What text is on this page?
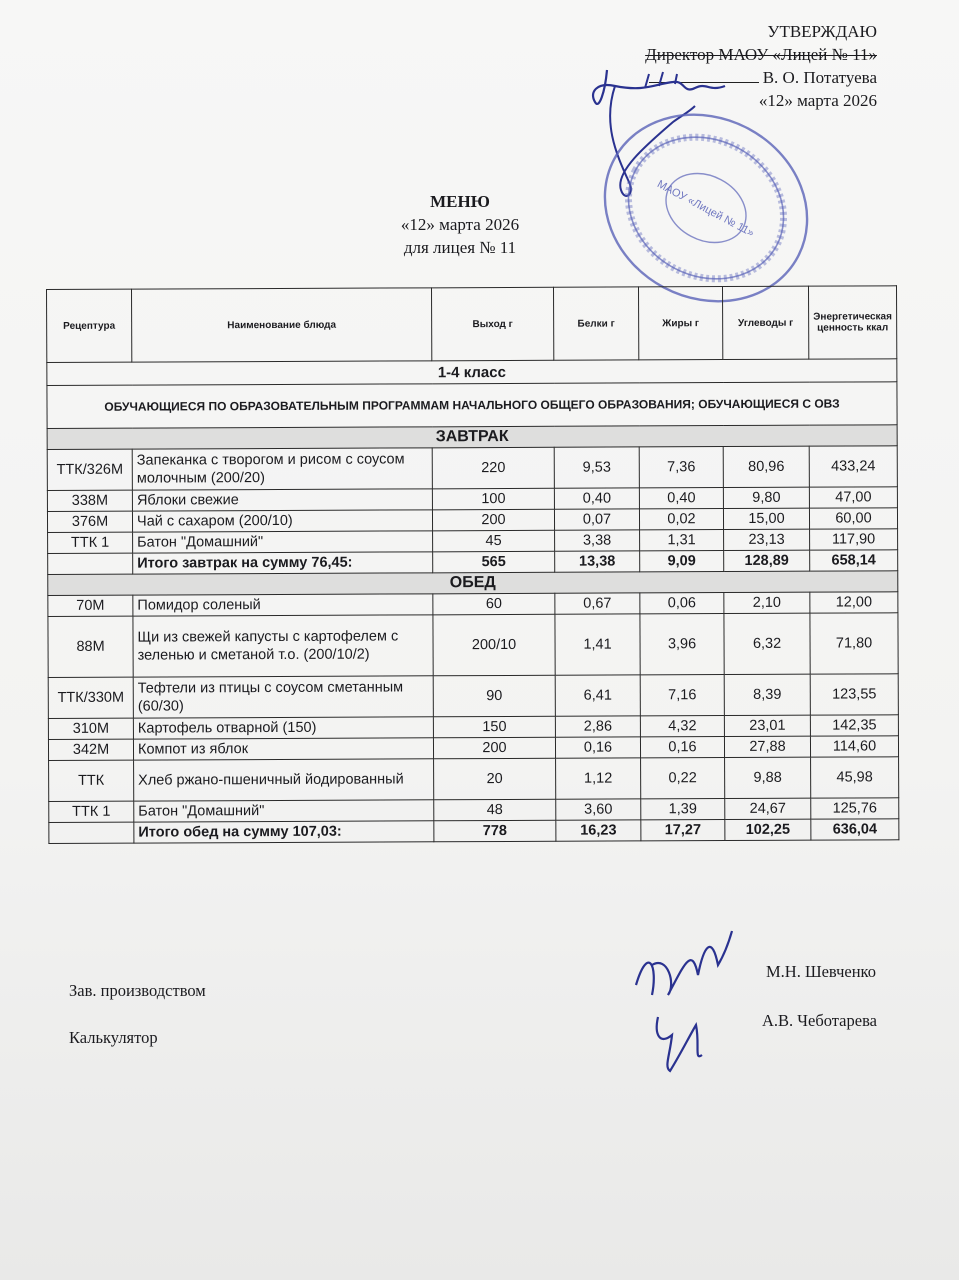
УТВЕРЖДАЮ
Директор МАОУ «Лицей № 11»
В. О. Потатуева
«12» марта 2026
МАОУ «Лицей № 11»
МЕНЮ
«12» марта 2026
для лицея № 11
Рецептура	Наименование блюда	Выход г	Белки г	Жиры г	Углеводы г	Энергетическая ценность ккал
1-4 класс						
ОБУЧАЮЩИЕСЯ ПО ОБРАЗОВАТЕЛЬНЫМ ПРОГРАММАМ НАЧАЛЬНОГО ОБЩЕГО ОБРАЗОВАНИЯ; ОБУЧАЮЩИЕСЯ С ОВЗ						
ЗАВТРАК						
ТТК/326М	Запеканка с творогом и рисом с соусом молочным (200/20)	220	9,53	7,36	80,96	433,24
338М	Яблоки свежие	100	0,40	0,40	9,80	47,00
376М	Чай с сахаром (200/10)	200	0,07	0,02	15,00	60,00
ТТК 1	Батон "Домашний"	45	3,38	1,31	23,13	117,90
	Итого завтрак на сумму 76,45:	565	13,38	9,09	128,89	658,14
ОБЕД						
70М	Помидор соленый	60	0,67	0,06	2,10	12,00
88М	Щи из свежей капусты с картофелем с зеленью и сметаной т.о. (200/10/2)	200/10	1,41	3,96	6,32	71,80
ТТК/330М	Тефтели из птицы с соусом сметанным (60/30)	90	6,41	7,16	8,39	123,55
310М	Картофель отварной (150)	150	2,86	4,32	23,01	142,35
342М	Компот из яблок	200	0,16	0,16	27,88	114,60
ТТК	Хлеб ржано-пшеничный йодированный	20	1,12	0,22	9,88	45,98
ТТК 1	Батон "Домашний"	48	3,60	1,39	24,67	125,76
	Итого обед на сумму 107,03:	778	16,23	17,27	102,25	636,04
Зав. производством
М.Н. Шевченко
Калькулятор
А.В. Чеботарева
